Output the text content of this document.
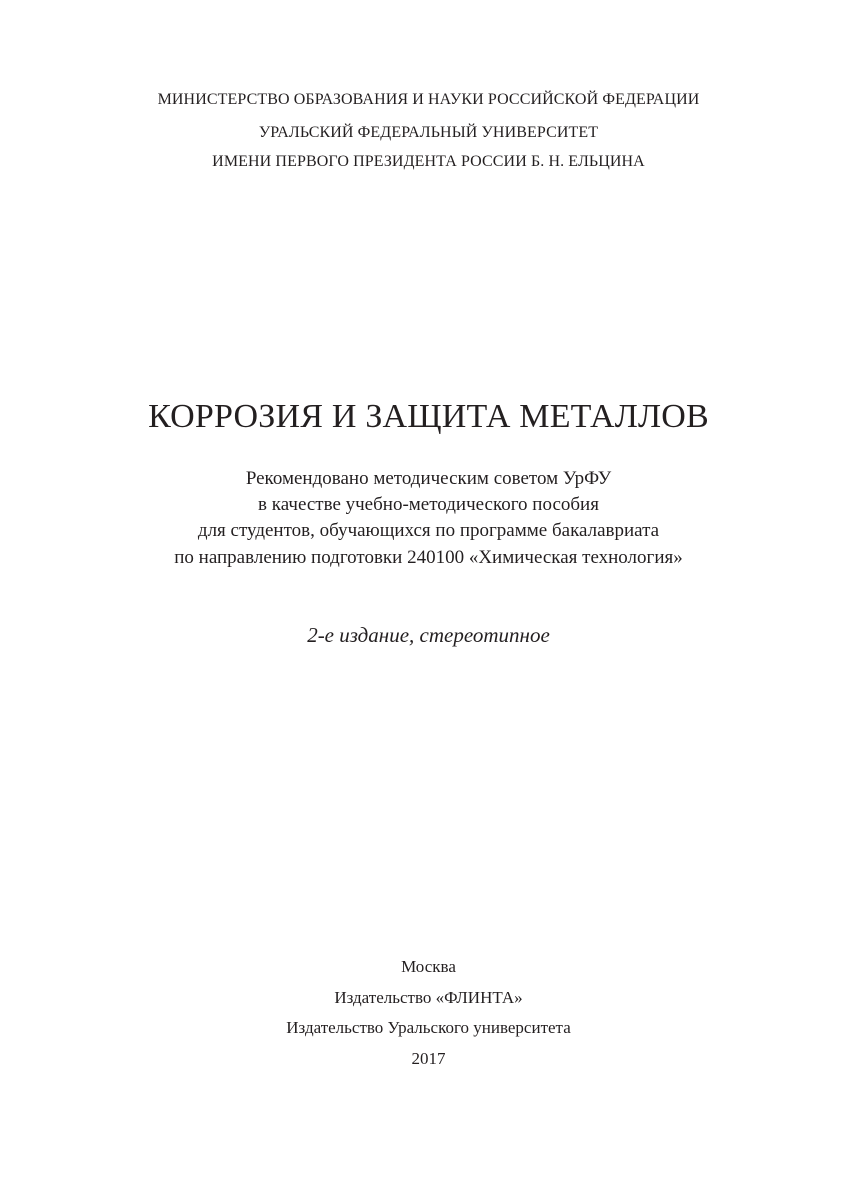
МИНИСТЕРСТВО ОБРАЗОВАНИЯ И НАУКИ РОССИЙСКОЙ ФЕДЕРАЦИИ
УРАЛЬСКИЙ ФЕДЕРАЛЬНЫЙ УНИВЕРСИТЕТ
ИМЕНИ ПЕРВОГО ПРЕЗИДЕНТА РОССИИ Б. Н. ЕЛЬЦИНА
КОРРОЗИЯ И ЗАЩИТА МЕТАЛЛОВ
Рекомендовано методическим советом УрФУ
в качестве учебно-методического пособия
для студентов, обучающихся по программе бакалавриата
по направлению подготовки 240100 «Химическая технология»
2-е издание, стереотипное
Москва
Издательство «ФЛИНТА»
Издательство Уральского университета
2017
